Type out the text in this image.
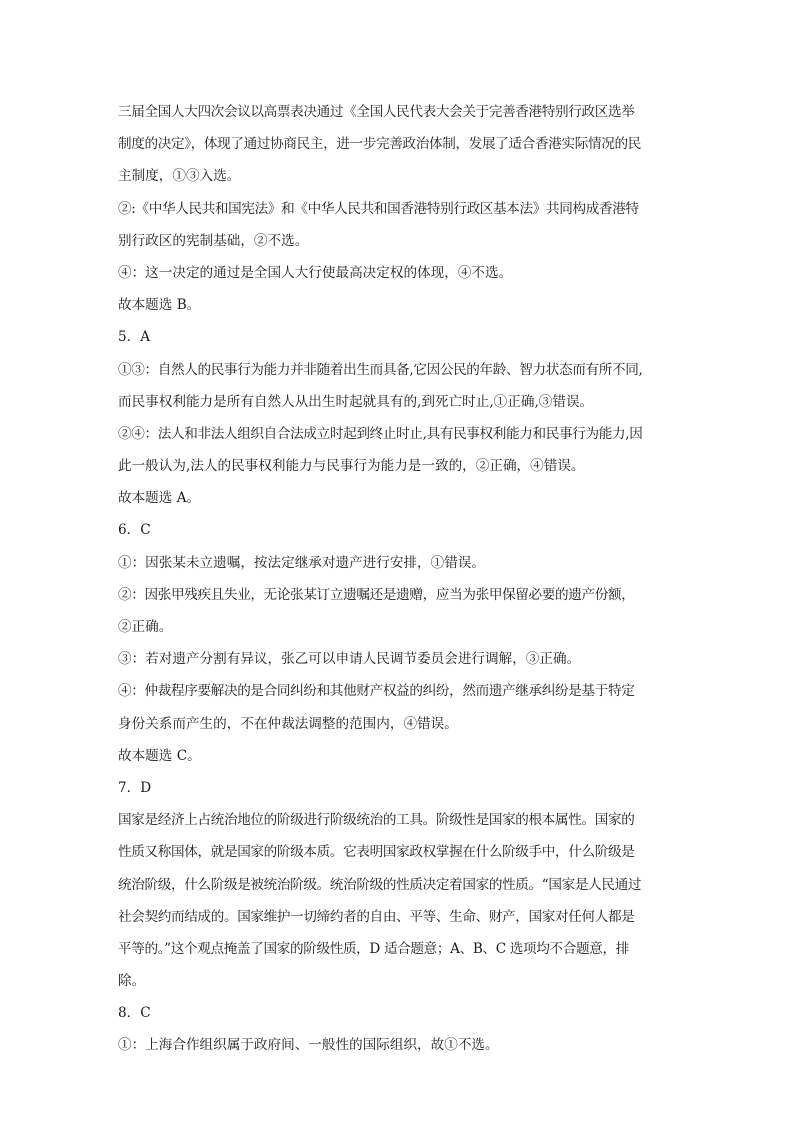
三届全国人大四次会议以高票表决通过《全国人民代表大会关于完善香港特别行政区选举
制度的决定》，体现了通过协商民主，进一步完善政治体制，发展了适合香港实际情况的民
主制度，①③入选。
②:《中华人民共和国宪法》和《中华人民共和国香港特别行政区基本法》共同构成香港特
别行政区的宪制基础，②不选。
④：这一决定的通过是全国人大行使最高决定权的体现，④不选。
故本题选 B。
5．A
①③：自然人的民事行为能力并非随着出生而具备,它因公民的年龄、智力状态而有所不同,
而民事权利能力是所有自然人从出生时起就具有的,到死亡时止,①正确,③错误。
②④：法人和非法人组织自合法成立时起到终止时止,具有民事权利能力和民事行为能力,因
此一般认为,法人的民事权利能力与民事行为能力是一致的，②正确，④错误。
故本题选 A。
6．C
①：因张某未立遗嘱，按法定继承对遗产进行安排，①错误。
②：因张甲残疾且失业，无论张某订立遗嘱还是遗赠，应当为张甲保留必要的遗产份额，
②正确。
③：若对遗产分割有异议，张乙可以申请人民调节委员会进行调解，③正确。
④：仲裁程序要解决的是合同纠纷和其他财产权益的纠纷，然而遗产继承纠纷是基于特定
身份关系而产生的，不在仲裁法调整的范围内，④错误。
故本题选 C。
7．D
国家是经济上占统治地位的阶级进行阶级统治的工具。阶级性是国家的根本属性。国家的
性质又称国体，就是国家的阶级本质。它表明国家政权掌握在什么阶级手中，什么阶级是
统治阶级，什么阶级是被统治阶级。统治阶级的性质决定着国家的性质。“国家是人民通过
社会契约而结成的。国家维护一切缔约者的自由、平等、生命、财产，国家对任何人都是
平等的。”这个观点掩盖了国家的阶级性质，D 适合题意；A、B、C 选项均不合题意，排
除。
8．C
①：上海合作组织属于政府间、一般性的国际组织，故①不选。
